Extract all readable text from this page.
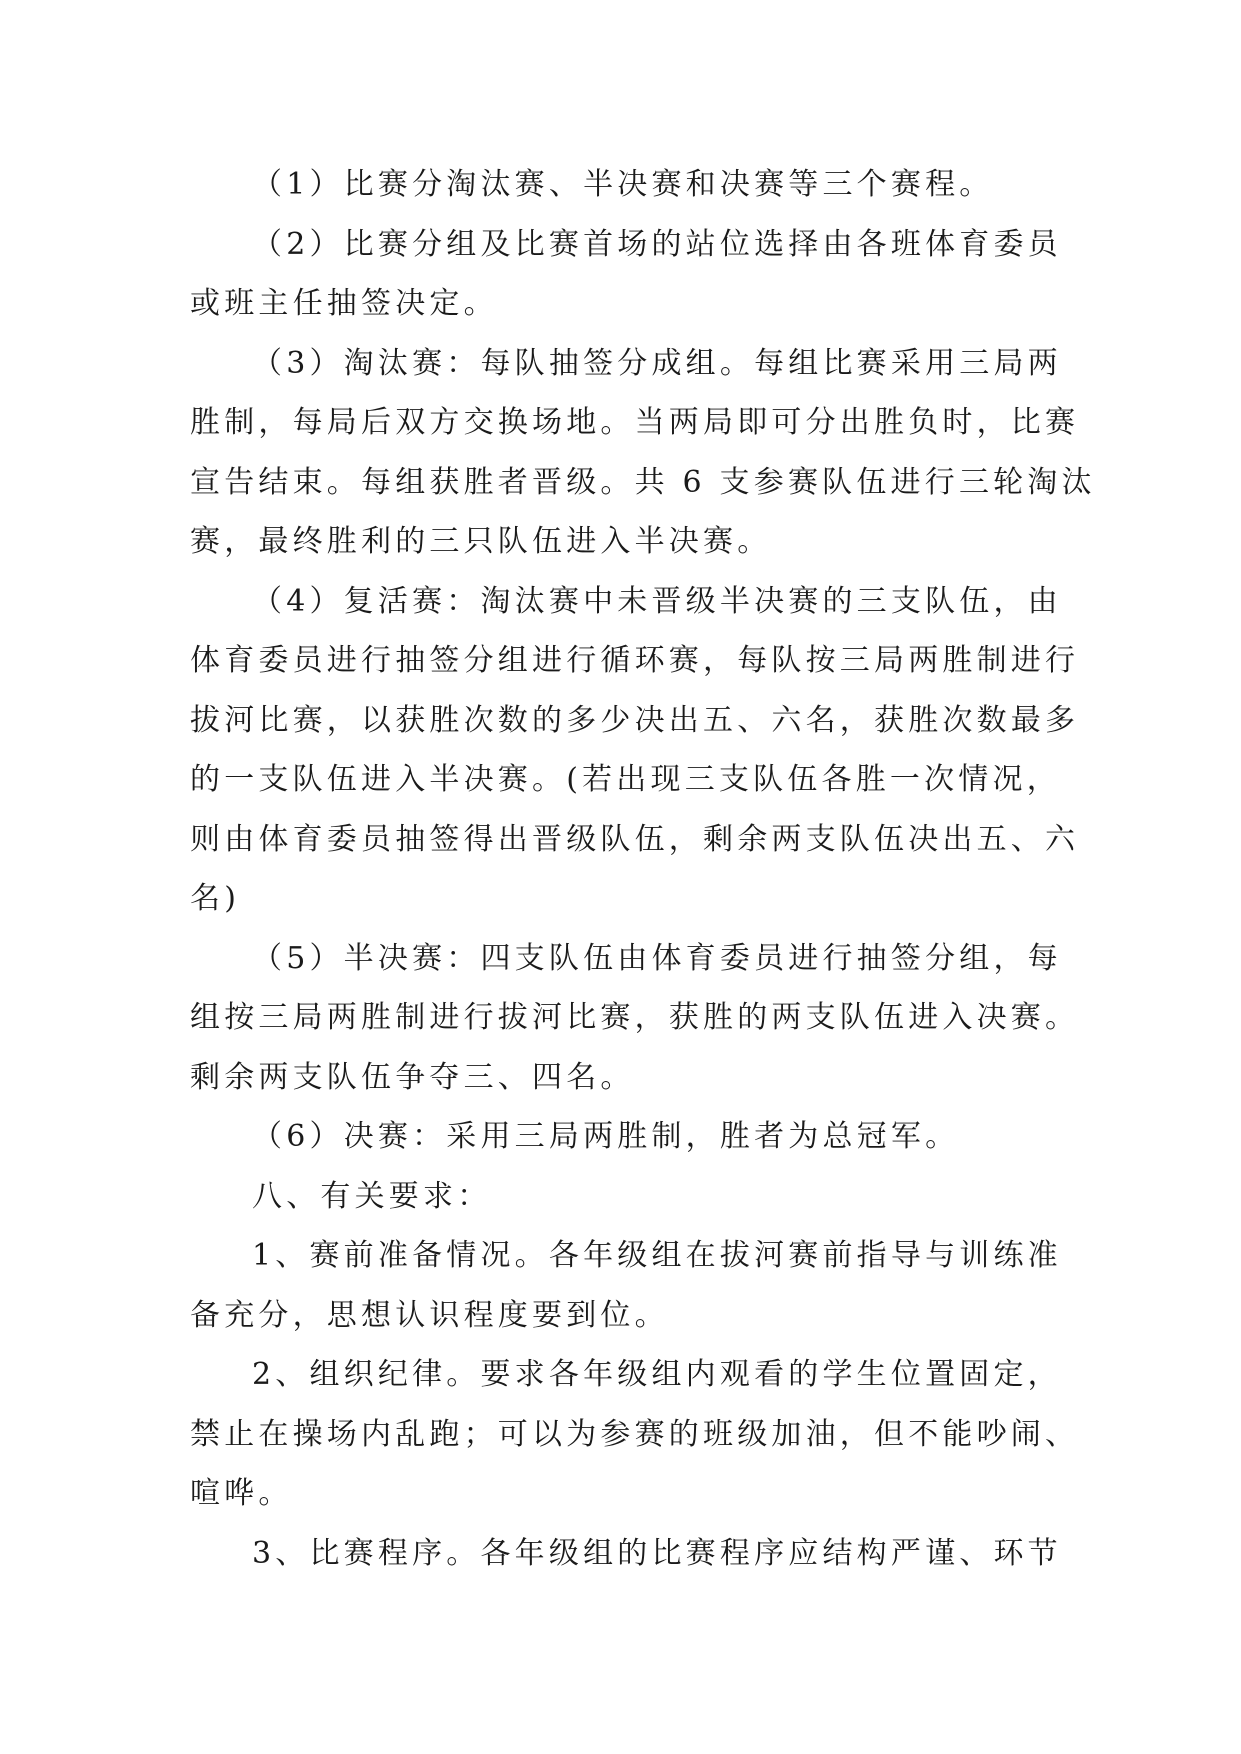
（1）比赛分淘汰赛、半决赛和决赛等三个赛程。
（2）比赛分组及比赛首场的站位选择由各班体育委员
或班主任抽签决定。
（3）淘汰赛：每队抽签分成组。每组比赛采用三局两
胜制，每局后双方交换场地。当两局即可分出胜负时，比赛
宣告结束。每组获胜者晋级。共 6 支参赛队伍进行三轮淘汰
赛，最终胜利的三只队伍进入半决赛。
（4）复活赛：淘汰赛中未晋级半决赛的三支队伍，由
体育委员进行抽签分组进行循环赛，每队按三局两胜制进行
拔河比赛，以获胜次数的多少决出五、六名，获胜次数最多
的一支队伍进入半决赛。(若出现三支队伍各胜一次情况，
则由体育委员抽签得出晋级队伍，剩余两支队伍决出五、六
名)
（5）半决赛：四支队伍由体育委员进行抽签分组，每
组按三局两胜制进行拔河比赛，获胜的两支队伍进入决赛。
剩余两支队伍争夺三、四名。
（6）决赛：采用三局两胜制，胜者为总冠军。
八、有关要求：
1、赛前准备情况。各年级组在拔河赛前指导与训练准
备充分，思想认识程度要到位。
2、组织纪律。要求各年级组内观看的学生位置固定，
禁止在操场内乱跑；可以为参赛的班级加油，但不能吵闹、
喧哗。
3、比赛程序。各年级组的比赛程序应结构严谨、环节
